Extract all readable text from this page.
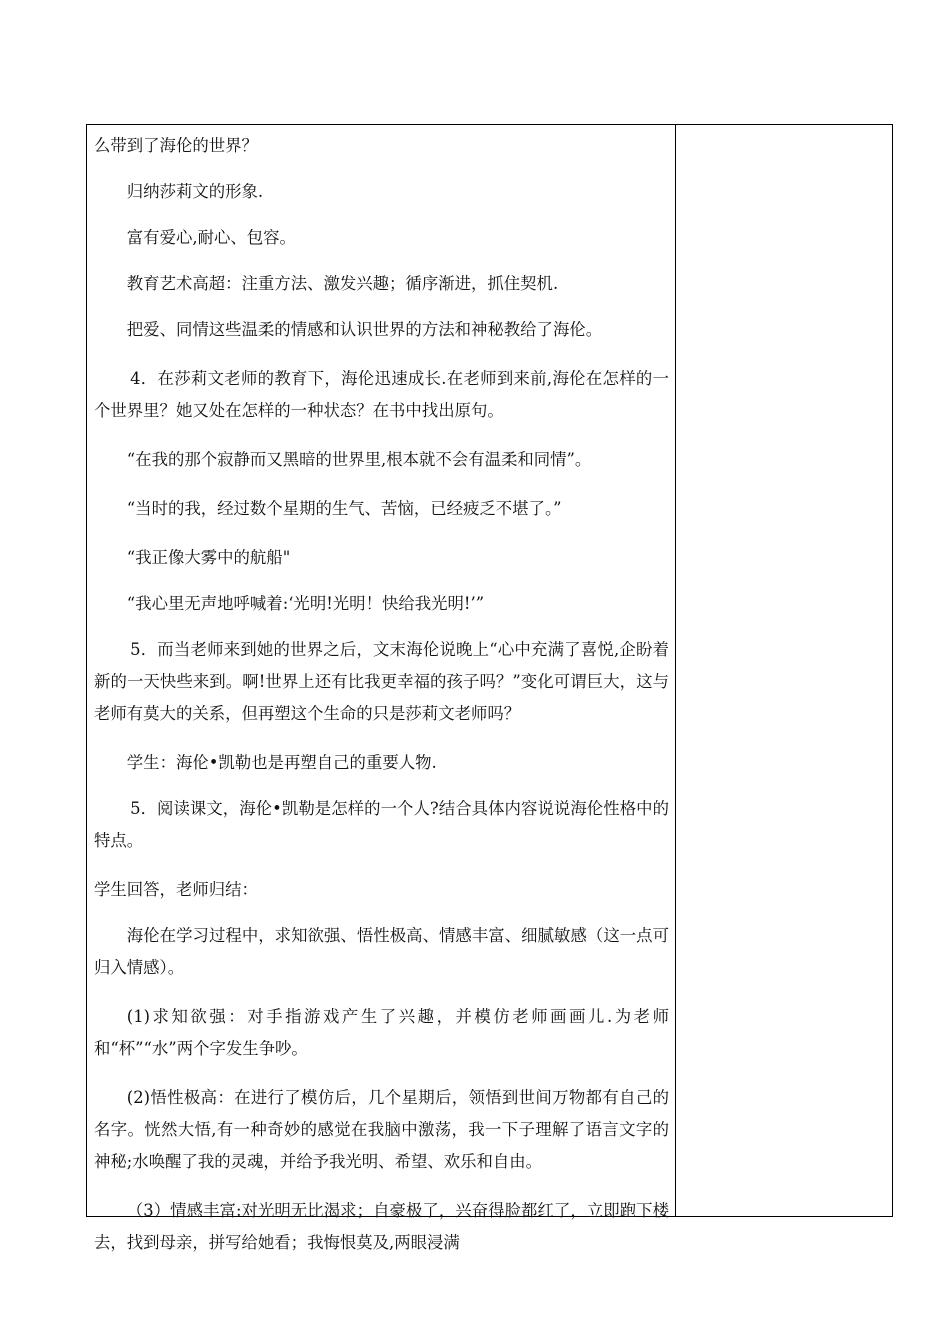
么带到了海伦的世界？

归纳莎莉文的形象.

富有爱心,耐心、包容。

教育艺术高超：注重方法、激发兴趣；循序渐进，抓住契机.

把爱、同情这些温柔的情感和认识世界的方法和神秘教给了海伦。

4．在莎莉文老师的教育下，海伦迅速成长.在老师到来前,海伦在怎样的一个世界里？她又处在怎样的一种状态？在书中找出原句。

“在我的那个寂静而又黑暗的世界里,根本就不会有温柔和同情”。

“当时的我，经过数个星期的生气、苦恼，已经疲乏不堪了。”

“我正像大雾中的航船"

“我心里无声地呼喊着:‘光明!光明！快给我光明!’”

5．而当老师来到她的世界之后，文末海伦说晚上“心中充满了喜悦,企盼着新的一天快些来到。啊!世界上还有比我更幸福的孩子吗？”变化可谓巨大，这与老师有莫大的关系，但再塑这个生命的只是莎莉文老师吗？

学生：海伦•凯勒也是再塑自己的重要人物.

5．阅读课文，海伦•凯勒是怎样的一个人?结合具体内容说说海伦性格中的特点。

学生回答，老师归结：

海伦在学习过程中，求知欲强、悟性极高、情感丰富、细腻敏感（这一点可归入情感）。

(1)求知欲强：对手指游戏产生了兴趣，并模仿老师画画儿.为老师和“杯”“水”两个字发生争吵。

(2)悟性极高：在进行了模仿后，几个星期后，领悟到世间万物都有自己的名字。恍然大悟,有一种奇妙的感觉在我脑中激荡，我一下子理解了语言文字的神秘;水唤醒了我的灵魂，并给予我光明、希望、欢乐和自由。

（3）情感丰富:对光明无比渴求；自豪极了，兴奋得脸都红了，立即跑下楼去，找到母亲，拼写给她看；我悔恨莫及,两眼浸满
